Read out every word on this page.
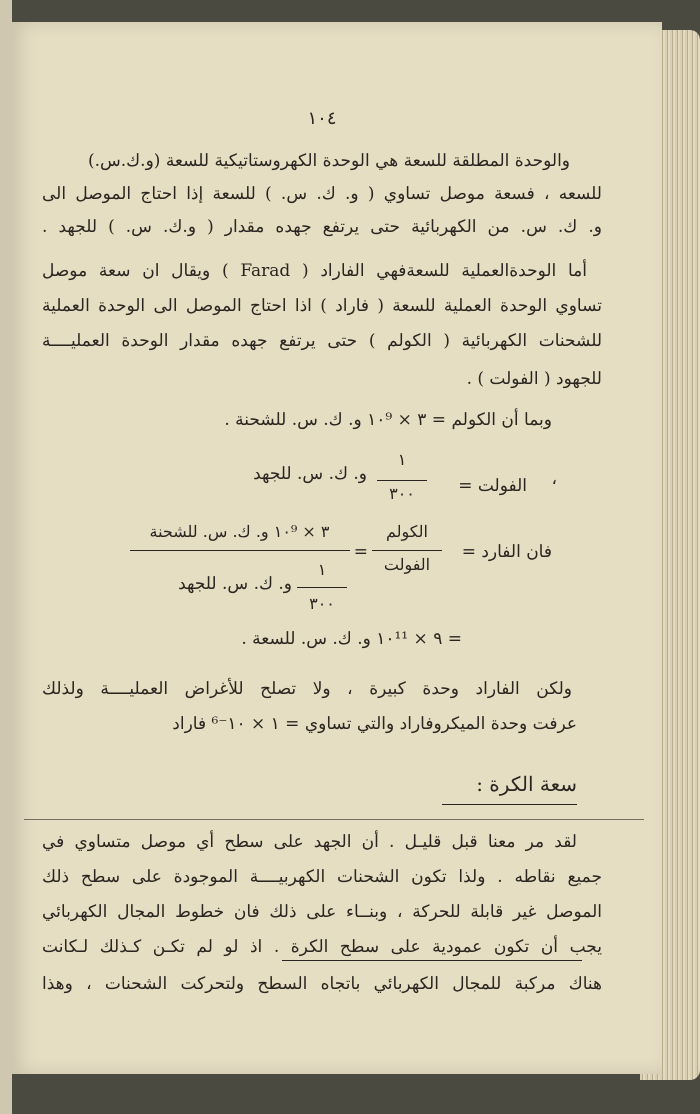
١٠٤
والوحدة المطلقة للسعة هي الوحدة الكهروستاتيكية للسعة (و.ك.س.)
للسعه ، فسعة موصل تساوي ( و. ك. س. ) للسعة إذا احتاج الموصل الى
و. ك. س. من الكهربائية حتى يرتفع جهده مقدار ( و.ك. س. ) للجهد .
أما الوحدةالعملية للسعةفهي الفاراد ( Farad ) ويقال ان سعة موصل
تساوي الوحدة العملية للسعة ( فاراد ) اذا احتاج الموصل الى الوحدة العملية
للشحنات الكهربائية ( الكولم ) حتى يرتفع جهده مقدار الوحدة العمليــــة
للجهود ( الفولت ) .
وبما أن الكولم = ٣ × ١٠⁹ و. ك. س. للشحنة .
،
الفولت =
١
٣٠٠
و. ك. س. للجهد
فان الفارد =
الكولم
الفولت
=
٣ × ١٠⁹ و. ك. س. للشحنة
١
٣٠٠
و. ك. س. للجهد
= ٩ × ١٠¹¹ و. ك. س. للسعة .
ولكن الفاراد وحدة كبيرة ، ولا تصلح للأغراض العمليــــة ولذلك
عرفت وحدة الميكروفاراد والتي تساوي = ١ × ١٠⁻⁶ فاراد
سعة الكرة :
لقد مر معنا قبل قليـل . أن الجهد على سطح أي موصل متساوي في
جميع نقاطه . ولذا تكون الشحنات الكهربيــــة الموجودة على سطح ذلك
الموصل غير قابلة للحركة ، وبنــاء على ذلك فان خطوط المجال الكهربائي
يجب أن تكون عمودية على سطح الكرة . اذ لو لم تكـن كـذلك لـكانت
هناك مركبة للمجال الكهربائي باتجاه السطح ولتحركت الشحنات ، وهذا
